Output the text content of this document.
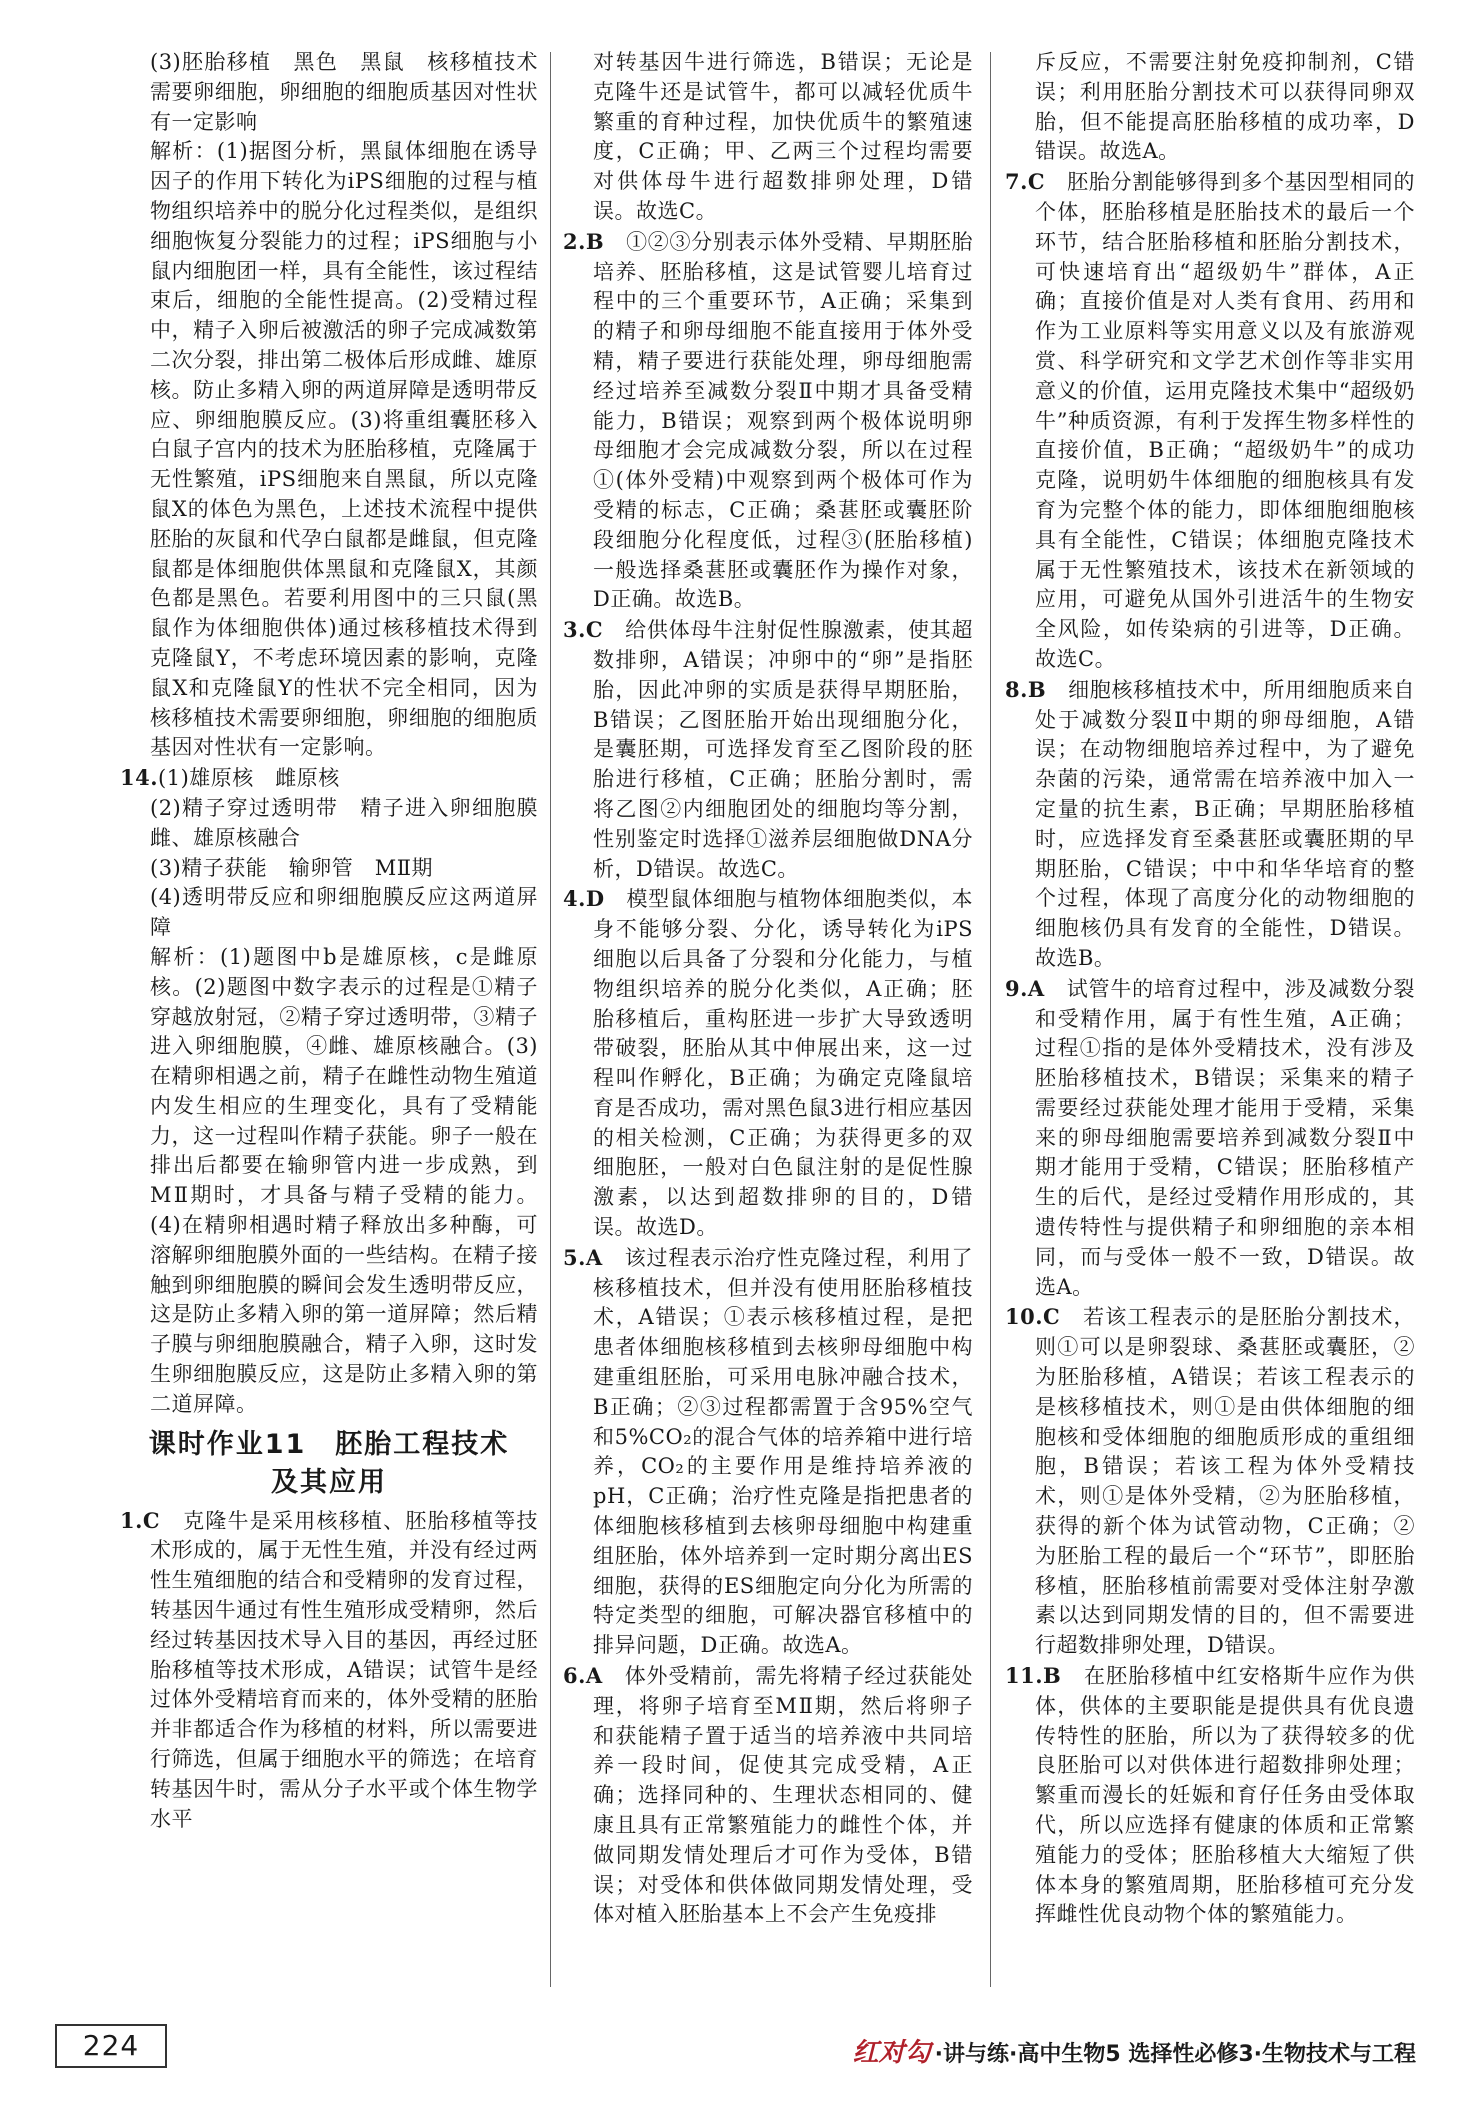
(3)胚胎移植　黑色　黑鼠　核移植技术需要卵细胞，卵细胞的细胞质基因对性状有一定影响

解析：(1)据图分析，黑鼠体细胞在诱导因子的作用下转化为iPS细胞的过程与植物组织培养中的脱分化过程类似，是组织细胞恢复分裂能力的过程；iPS细胞与小鼠内细胞团一样，具有全能性，该过程结束后，细胞的全能性提高。(2)受精过程中，精子入卵后被激活的卵子完成减数第二次分裂，排出第二极体后形成雌、雄原核。防止多精入卵的两道屏障是透明带反应、卵细胞膜反应。(3)将重组囊胚移入白鼠子宫内的技术为胚胎移植，克隆属于无性繁殖，iPS细胞来自黑鼠，所以克隆鼠X的体色为黑色，上述技术流程中提供胚胎的灰鼠和代孕白鼠都是雌鼠，但克隆鼠都是体细胞供体黑鼠和克隆鼠X，其颜色都是黑色。若要利用图中的三只鼠(黑鼠作为体细胞供体)通过核移植技术得到克隆鼠Y，不考虑环境因素的影响，克隆鼠X和克隆鼠Y的性状不完全相同，因为核移植技术需要卵细胞，卵细胞的细胞质基因对性状有一定影响。

14.(1)雄原核　雌原核

(2)精子穿过透明带　精子进入卵细胞膜　雌、雄原核融合

(3)精子获能　输卵管　MⅡ期

(4)透明带反应和卵细胞膜反应这两道屏障

解析：(1)题图中b是雄原核，c是雌原核。(2)题图中数字表示的过程是①精子穿越放射冠，②精子穿过透明带，③精子进入卵细胞膜，④雌、雄原核融合。(3)在精卵相遇之前，精子在雌性动物生殖道内发生相应的生理变化，具有了受精能力，这一过程叫作精子获能。卵子一般在排出后都要在输卵管内进一步成熟，到MⅡ期时，才具备与精子受精的能力。(4)在精卵相遇时精子释放出多种酶，可溶解卵细胞膜外面的一些结构。在精子接触到卵细胞膜的瞬间会发生透明带反应，这是防止多精入卵的第一道屏障；然后精子膜与卵细胞膜融合，精子入卵，这时发生卵细胞膜反应，这是防止多精入卵的第二道屏障。

课时作业11　胚胎工程技术
及其应用

1.C　克隆牛是采用核移植、胚胎移植等技术形成的，属于无性生殖，并没有经过两性生殖细胞的结合和受精卵的发育过程，转基因牛通过有性生殖形成受精卵，然后经过转基因技术导入目的基因，再经过胚胎移植等技术形成，A错误；试管牛是经过体外受精培育而来的，体外受精的胚胎并非都适合作为移植的材料，所以需要进行筛选，但属于细胞水平的筛选；在培育转基因牛时，需从分子水平或个体生物学水平

对转基因牛进行筛选，B错误；无论是克隆牛还是试管牛，都可以减轻优质牛繁重的育种过程，加快优质牛的繁殖速度，C正确；甲、乙两三个过程均需要对供体母牛进行超数排卵处理，D错误。故选C。

2.B　①②③分别表示体外受精、早期胚胎培养、胚胎移植，这是试管婴儿培育过程中的三个重要环节，A正确；采集到的精子和卵母细胞不能直接用于体外受精，精子要进行获能处理，卵母细胞需经过培养至减数分裂Ⅱ中期才具备受精能力，B错误；观察到两个极体说明卵母细胞才会完成减数分裂，所以在过程①(体外受精)中观察到两个极体可作为受精的标志，C正确；桑葚胚或囊胚阶段细胞分化程度低，过程③(胚胎移植)一般选择桑葚胚或囊胚作为操作对象，D正确。故选B。

3.C　给供体母牛注射促性腺激素，使其超数排卵，A错误；冲卵中的“卵”是指胚胎，因此冲卵的实质是获得早期胚胎，B错误；乙图胚胎开始出现细胞分化，是囊胚期，可选择发育至乙图阶段的胚胎进行移植，C正确；胚胎分割时，需将乙图②内细胞团处的细胞均等分割，性别鉴定时选择①滋养层细胞做DNA分析，D错误。故选C。

4.D　模型鼠体细胞与植物体细胞类似，本身不能够分裂、分化，诱导转化为iPS细胞以后具备了分裂和分化能力，与植物组织培养的脱分化类似，A正确；胚胎移植后，重构胚进一步扩大导致透明带破裂，胚胎从其中伸展出来，这一过程叫作孵化，B正确；为确定克隆鼠培育是否成功，需对黑色鼠3进行相应基因的相关检测，C正确；为获得更多的双细胞胚，一般对白色鼠注射的是促性腺激素，以达到超数排卵的目的，D错误。故选D。

5.A　该过程表示治疗性克隆过程，利用了核移植技术，但并没有使用胚胎移植技术，A错误；①表示核移植过程，是把患者体细胞核移植到去核卵母细胞中构建重组胚胎，可采用电脉冲融合技术，B正确；②③过程都需置于含95%空气和5%CO₂的混合气体的培养箱中进行培养，CO₂的主要作用是维持培养液的pH，C正确；治疗性克隆是指把患者的体细胞核移植到去核卵母细胞中构建重组胚胎，体外培养到一定时期分离出ES细胞，获得的ES细胞定向分化为所需的特定类型的细胞，可解决器官移植中的排异问题，D正确。故选A。

6.A　体外受精前，需先将精子经过获能处理，将卵子培育至MⅡ期，然后将卵子和获能精子置于适当的培养液中共同培养一段时间，促使其完成受精，A正确；选择同种的、生理状态相同的、健康且具有正常繁殖能力的雌性个体，并做同期发情处理后才可作为受体，B错误；对受体和供体做同期发情处理，受体对植入胚胎基本上不会产生免疫排

斥反应，不需要注射免疫抑制剂，C错误；利用胚胎分割技术可以获得同卵双胎，但不能提高胚胎移植的成功率，D错误。故选A。

7.C　胚胎分割能够得到多个基因型相同的个体，胚胎移植是胚胎技术的最后一个环节，结合胚胎移植和胚胎分割技术，可快速培育出“超级奶牛”群体，A正确；直接价值是对人类有食用、药用和作为工业原料等实用意义以及有旅游观赏、科学研究和文学艺术创作等非实用意义的价值，运用克隆技术集中“超级奶牛”种质资源，有利于发挥生物多样性的直接价值，B正确；“超级奶牛”的成功克隆，说明奶牛体细胞的细胞核具有发育为完整个体的能力，即体细胞细胞核具有全能性，C错误；体细胞克隆技术属于无性繁殖技术，该技术在新领域的应用，可避免从国外引进活牛的生物安全风险，如传染病的引进等，D正确。故选C。

8.B　细胞核移植技术中，所用细胞质来自处于减数分裂Ⅱ中期的卵母细胞，A错误；在动物细胞培养过程中，为了避免杂菌的污染，通常需在培养液中加入一定量的抗生素，B正确；早期胚胎移植时，应选择发育至桑葚胚或囊胚期的早期胚胎，C错误；中中和华华培育的整个过程，体现了高度分化的动物细胞的细胞核仍具有发育的全能性，D错误。故选B。

9.A　试管牛的培育过程中，涉及减数分裂和受精作用，属于有性生殖，A正确；过程①指的是体外受精技术，没有涉及胚胎移植技术，B错误；采集来的精子需要经过获能处理才能用于受精，采集来的卵母细胞需要培养到减数分裂Ⅱ中期才能用于受精，C错误；胚胎移植产生的后代，是经过受精作用形成的，其遗传特性与提供精子和卵细胞的亲本相同，而与受体一般不一致，D错误。故选A。

10.C　若该工程表示的是胚胎分割技术，则①可以是卵裂球、桑葚胚或囊胚，②为胚胎移植，A错误；若该工程表示的是核移植技术，则①是由供体细胞的细胞核和受体细胞的细胞质形成的重组细胞，B错误；若该工程为体外受精技术，则①是体外受精，②为胚胎移植，获得的新个体为试管动物，C正确；②为胚胎工程的最后一个“环节”，即胚胎移植，胚胎移植前需要对受体注射孕激素以达到同期发情的目的，但不需要进行超数排卵处理，D错误。

11.B　在胚胎移植中红安格斯牛应作为供体，供体的主要职能是提供具有优良遗传特性的胚胎，所以为了获得较多的优良胚胎可以对供体进行超数排卵处理；繁重而漫长的妊娠和育仔任务由受体取代，所以应选择有健康的体质和正常繁殖能力的受体；胚胎移植大大缩短了供体本身的繁殖周期，胚胎移植可充分发挥雌性优良动物个体的繁殖能力。

224	红对勾 ·讲与练·高中生物5 选择性必修3·生物技术与工程
